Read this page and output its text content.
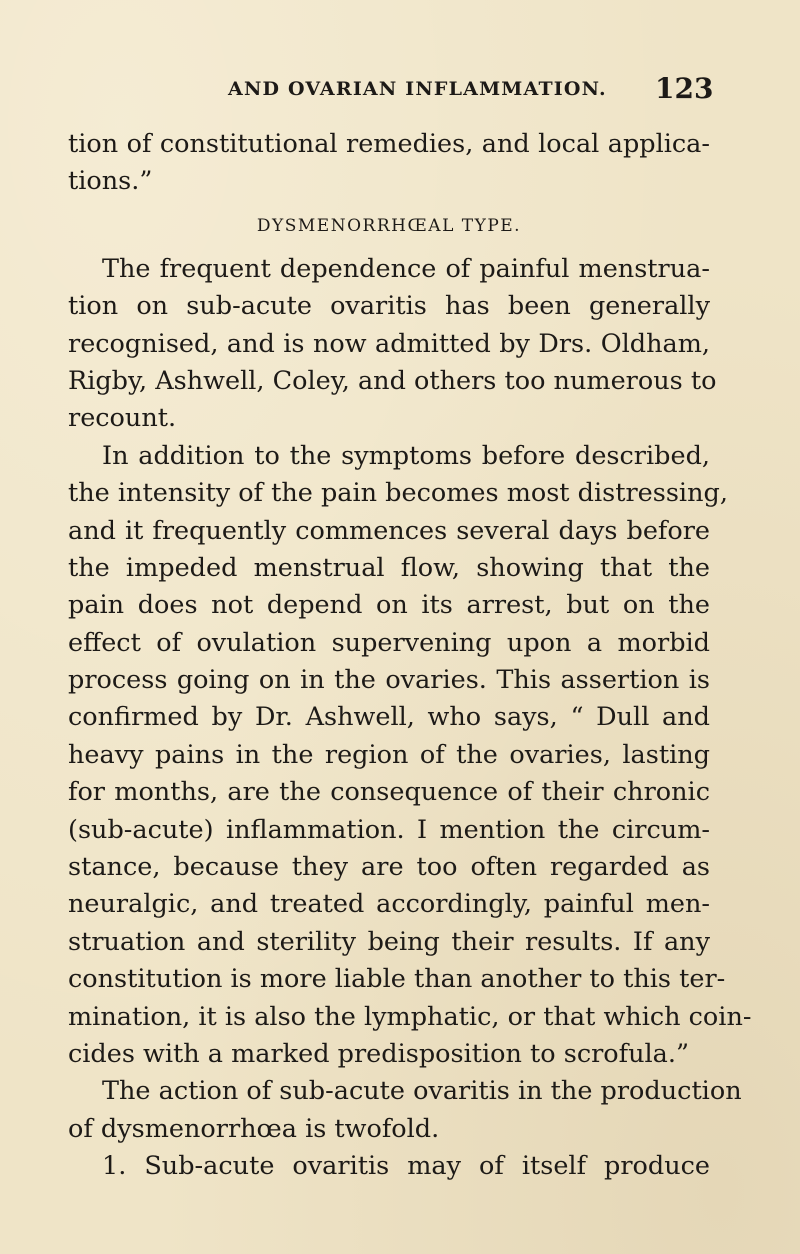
AND OVARIAN INFLAMMATION. 123
tion of constitutional remedies, and local applica-
tions.”
DYSMENORRHŒAL TYPE.
The frequent dependence of painful menstrua-
tion on sub-acute ovaritis has been generally
recognised, and is now admitted by Drs. Oldham,
Rigby, Ashwell, Coley, and others too numerous to
recount.
In addition to the symptoms before described,
the intensity of the pain becomes most distressing,
and it frequently commences several days before
the impeded menstrual flow, showing that the
pain does not depend on its arrest, but on the
effect of ovulation supervening upon a morbid
process going on in the ovaries. This assertion is
confirmed by Dr. Ashwell, who says, “ Dull and
heavy pains in the region of the ovaries, lasting
for months, are the consequence of their chronic
(sub-acute) inflammation. I mention the circum-
stance, because they are too often regarded as
neuralgic, and treated accordingly, painful men-
struation and sterility being their results. If any
constitution is more liable than another to this ter-
mination, it is also the lymphatic, or that which coin-
cides with a marked predisposition to scrofula.”
The action of sub-acute ovaritis in the production
of dysmenorrhœa is twofold.
1. Sub-acute ovaritis may of itself produce
